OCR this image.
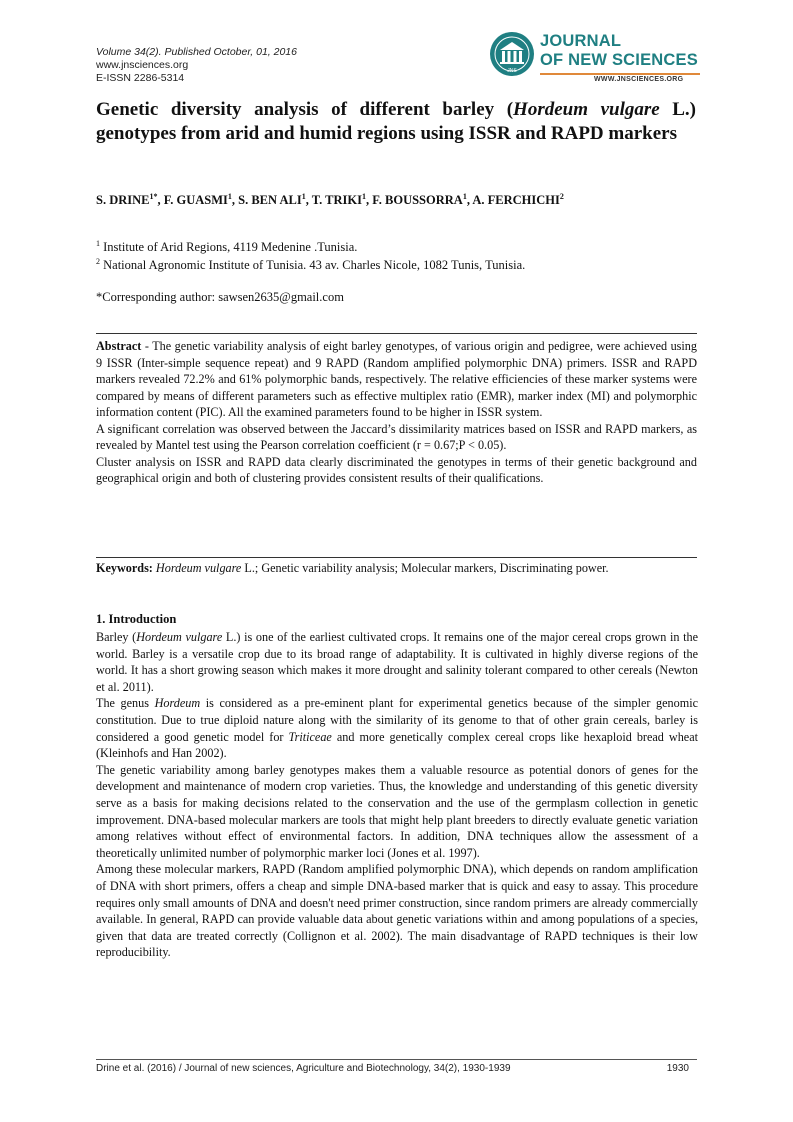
Volume 34(2). Published October, 01, 2016
www.jnsciences.org
E-ISSN 2286-5314
JNS
JOURNAL
OF NEW SCIENCES
WWW.JNSCIENCES.ORG
Genetic diversity analysis of different barley (Hordeum vulgare L.) genotypes from arid and humid regions using ISSR and RAPD markers
S. $DRINE^{1*}$, F. GUASMI$^1$, S. BEN ALI$^1$, T. TRIKI$^1$, F. BOUSSORRA$^1$, A. FERCHICHI$^2$
$^1$ Institute of Arid Regions, 4119 Medenine .Tunisia.
$^2$ National Agronomic Institute of Tunisia. 43 av. Charles Nicole, 1082 Tunis, Tunisia.
*Corresponding author: sawsen2635@gmail.com

Abstract - The genetic variability analysis of eight barley genotypes, of various origin and pedigree, were achieved using 9 ISSR (Inter-simple sequence repeat) and 9 RAPD (Random amplified polymorphic DNA) primers. ISSR and RAPD markers revealed 72.2% and 61% polymorphic bands, respectively. The relative efficiencies of these marker systems were compared by means of different parameters such as effective multiplex ratio (EMR), marker index (MI) and polymorphic information content (PIC). All the examined parameters found to be higher in ISSR system.

A significant correlation was observed between the Jaccard’s dissimilarity matrices based on ISSR and RAPD markers, as revealed by Mantel test using the Pearson correlation coefficient (r = 0.67;P < 0.05).

Cluster analysis on ISSR and RAPD data clearly discriminated the genotypes in terms of their genetic background and geographical origin and both of clustering provides consistent results of their qualifications.

Keywords: Hordeum vulgare L.; Genetic variability analysis; Molecular markers, Discriminating power.
1. Introduction

Barley (Hordeum vulgare L.) is one of the earliest cultivated crops. It remains one of the major cereal crops grown in the world. Barley is a versatile crop due to its broad range of adaptability. It is cultivated in highly diverse regions of the world. It has a short growing season which makes it more drought and salinity tolerant compared to other cereals (Newton et al. 2011).

The genus Hordeum is considered as a pre-eminent plant for experimental genetics because of the simpler genomic constitution. Due to true diploid nature along with the similarity of its genome to that of other grain cereals, barley is considered a good genetic model for Triticeae and more genetically complex cereal crops like hexaploid bread wheat (Kleinhofs and Han 2002).

The genetic variability among barley genotypes makes them a valuable resource as potential donors of genes for the development and maintenance of modern crop varieties. Thus, the knowledge and understanding of this genetic diversity serve as a basis for making decisions related to the conservation and the use of the germplasm collection in genetic improvement. DNA-based molecular markers are tools that might help plant breeders to directly evaluate genetic variation among relatives without effect of environmental factors. In addition, DNA techniques allow the assessment of a theoretically unlimited number of polymorphic marker loci (Jones et al. 1997).

Among these molecular markers, RAPD (Random amplified polymorphic DNA), which depends on random amplification of DNA with short primers, offers a cheap and simple DNA-based marker that is quick and easy to assay. This procedure requires only small amounts of DNA and doesn't need primer construction, since random primers are already commercially available. In general, RAPD can provide valuable data about genetic variations within and among populations of a species, given that data are treated correctly (Collignon et al. 2002). The main disadvantage of RAPD techniques is their low reproducibility.

Drine et al. (2016) / Journal of new sciences, Agriculture and Biotechnology, 34(2), 1930-1939	1930
